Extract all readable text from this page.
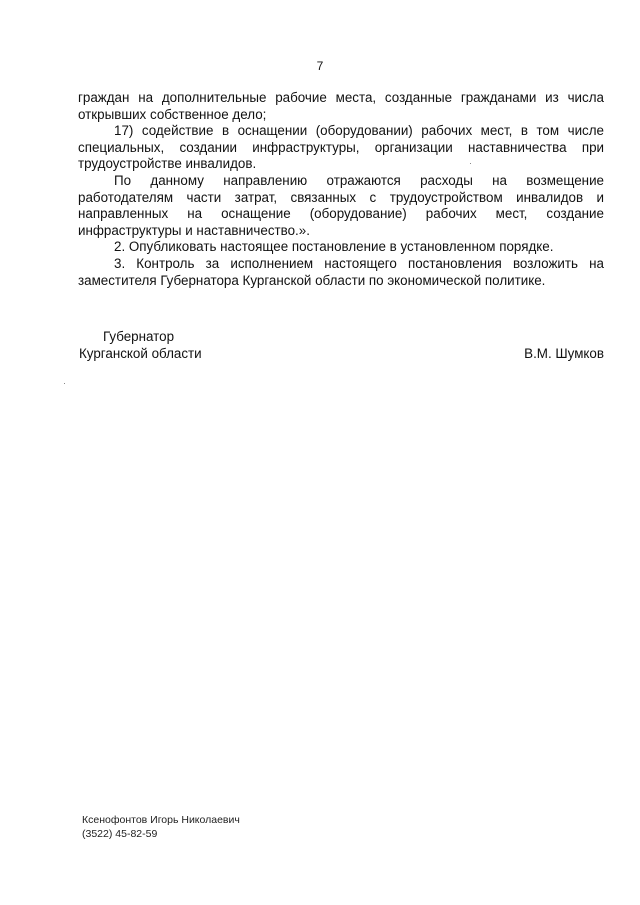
7

граждан на дополнительные рабочие места, созданные гражданами из числа открывших собственное дело;

17) содействие в оснащении (оборудовании) рабочих мест, в том числе специальных, создании инфраструктуры, организации наставничества при трудоустройстве инвалидов.

По данному направлению отражаются расходы на возмещение работодателям части затрат, связанных с трудоустройством инвалидов и направленных на оснащение (оборудование) рабочих мест, создание инфраструктуры и наставничество.».

2. Опубликовать настоящее постановление в установленном порядке.

3. Контроль за исполнением настоящего постановления возложить на заместителя Губернатора Курганской области по экономической политике.

Губернатор
Курганской области	В.М. Шумков
Ксенофонтов Игорь Николаевич
(3522) 45-82-59
